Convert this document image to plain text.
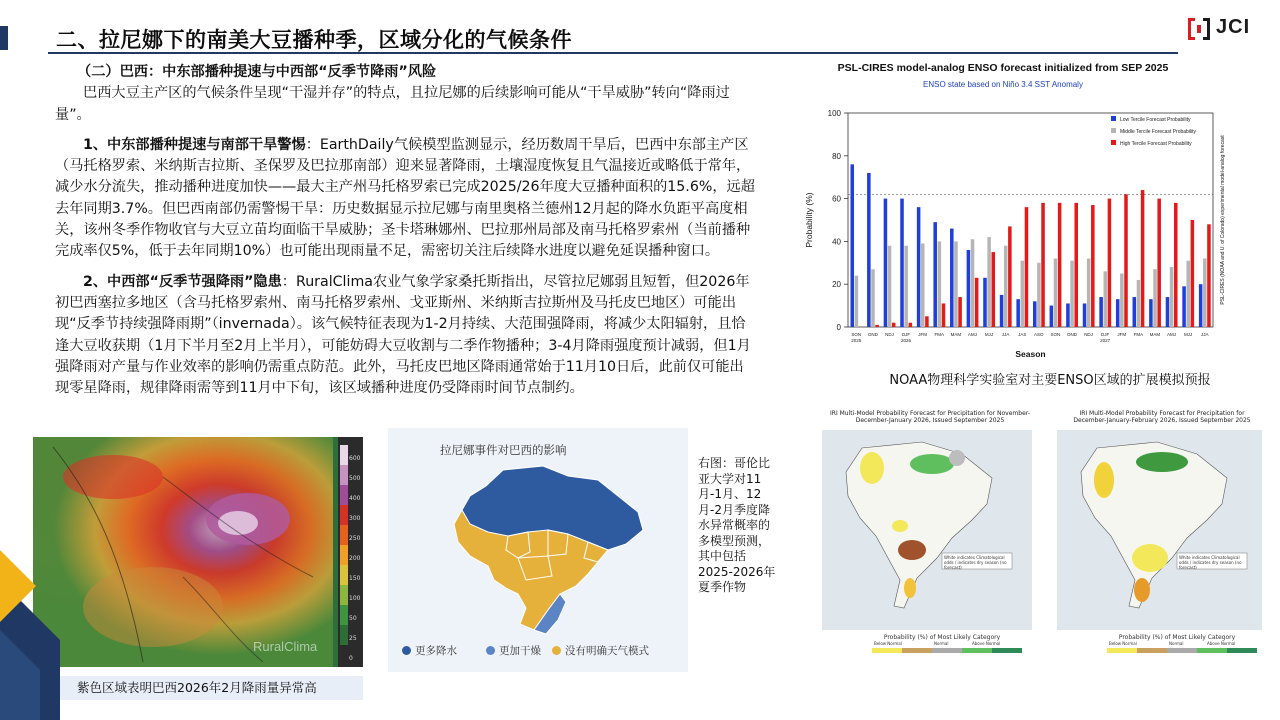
二、拉尼娜下的南美大豆播种季，区域分化的气候条件
JCI
（二）巴西：中东部播种提速与中西部“反季节降雨”风险
巴西大豆主产区的气候条件呈现“干湿并存”的特点，且拉尼娜的后续影响可能从“干旱威胁”转向“降雨过量”。
1、中东部播种提速与南部干旱警惕：EarthDaily气候模型监测显示，经历数周干旱后，巴西中东部主产区（马托格罗索、米纳斯吉拉斯、圣保罗及巴拉那南部）迎来显著降雨，土壤湿度恢复且气温接近或略低于常年，减少水分流失，推动播种进度加快——最大主产州马托格罗索已完成2025/26年度大豆播种面积的15.6%，远超去年同期3.7%。但巴西南部仍需警惕干旱：历史数据显示拉尼娜与南里奥格兰德州12月起的降水负距平高度相关，该州冬季作物收官与大豆立苗均面临干旱威胁；圣卡塔琳娜州、巴拉那州局部及南马托格罗索州（当前播种完成率仅5%，低于去年同期10%）也可能出现雨量不足，需密切关注后续降水进度以避免延误播种窗口。
2、中西部“反季节强降雨”隐患：RuralClima农业气象学家桑托斯指出，尽管拉尼娜弱且短暂，但2026年初巴西塞拉多地区（含马托格罗索州、南马托格罗索州、戈亚斯州、米纳斯吉拉斯州及马托皮巴地区）可能出现“反季节持续强降雨期”（invernada）。该气候特征表现为1-2月持续、大范围强降雨，将减少太阳辐射，且恰逢大豆收获期（1月下半月至2月上半月），可能妨碍大豆收割与二季作物播种；3-4月降雨强度预计减弱，但1月强降雨对产量与作业效率的影响仍需重点防范。此外，马托皮巴地区降雨通常始于11月10日后，此前仅可能出现零星降雨，规律降雨需等到11月中下旬，该区域播种进度仍受降雨时间节点制约。
600
500
400
300
250
200
150
100
50
25
0
RuralClima
紫色区域表明巴西2026年2月降雨量异常高
拉尼娜事件对巴西的影响
更多降水	更加干燥	没有明确天气模式
右图：哥伦比亚大学对11月-1月、12月-2月季度降水异常概率的多模型预测，其中包括2025-2026年夏季作物
PSL-CIRES model-analog ENSO forecast initialized from SEP 2025
ENSO state based on Niño 3.4 SST Anomaly
0
20
40
60
80
100
SON
2025
OND NDJ DJF
2026
JFM FMA MAM AMJ MJJ JJA JAS ASO SON OND NDJ DJF
2027
JFM FMA MAM AMJ MJJ JJA
Season
Probability (%)	PSL-CIRES (NOAA and U. of Colorado) experimental model-analog forecast
Low Tercile Forecast Probability
Middle Tercile Forecast Probability
High Tercile Forecast Probability
NOAA物理科学实验室对主要ENSO区域的扩展模拟预报
IRI Multi-Model Probability Forecast for Precipitation for November-December-January 2026, Issued September 2025
IRI Multi-Model Probability Forecast for Precipitation for December-January-February 2026, Issued September 2025
White indicates Climatological odds / indicates dry season (no forecast)
White indicates Climatological odds / indicates dry season (no forecast)
Probability (%) of Most Likely Category	Probability (%) of Most Likely Category
Below Normal	Normal	Above Normal	Below Normal	Normal	Above Normal
